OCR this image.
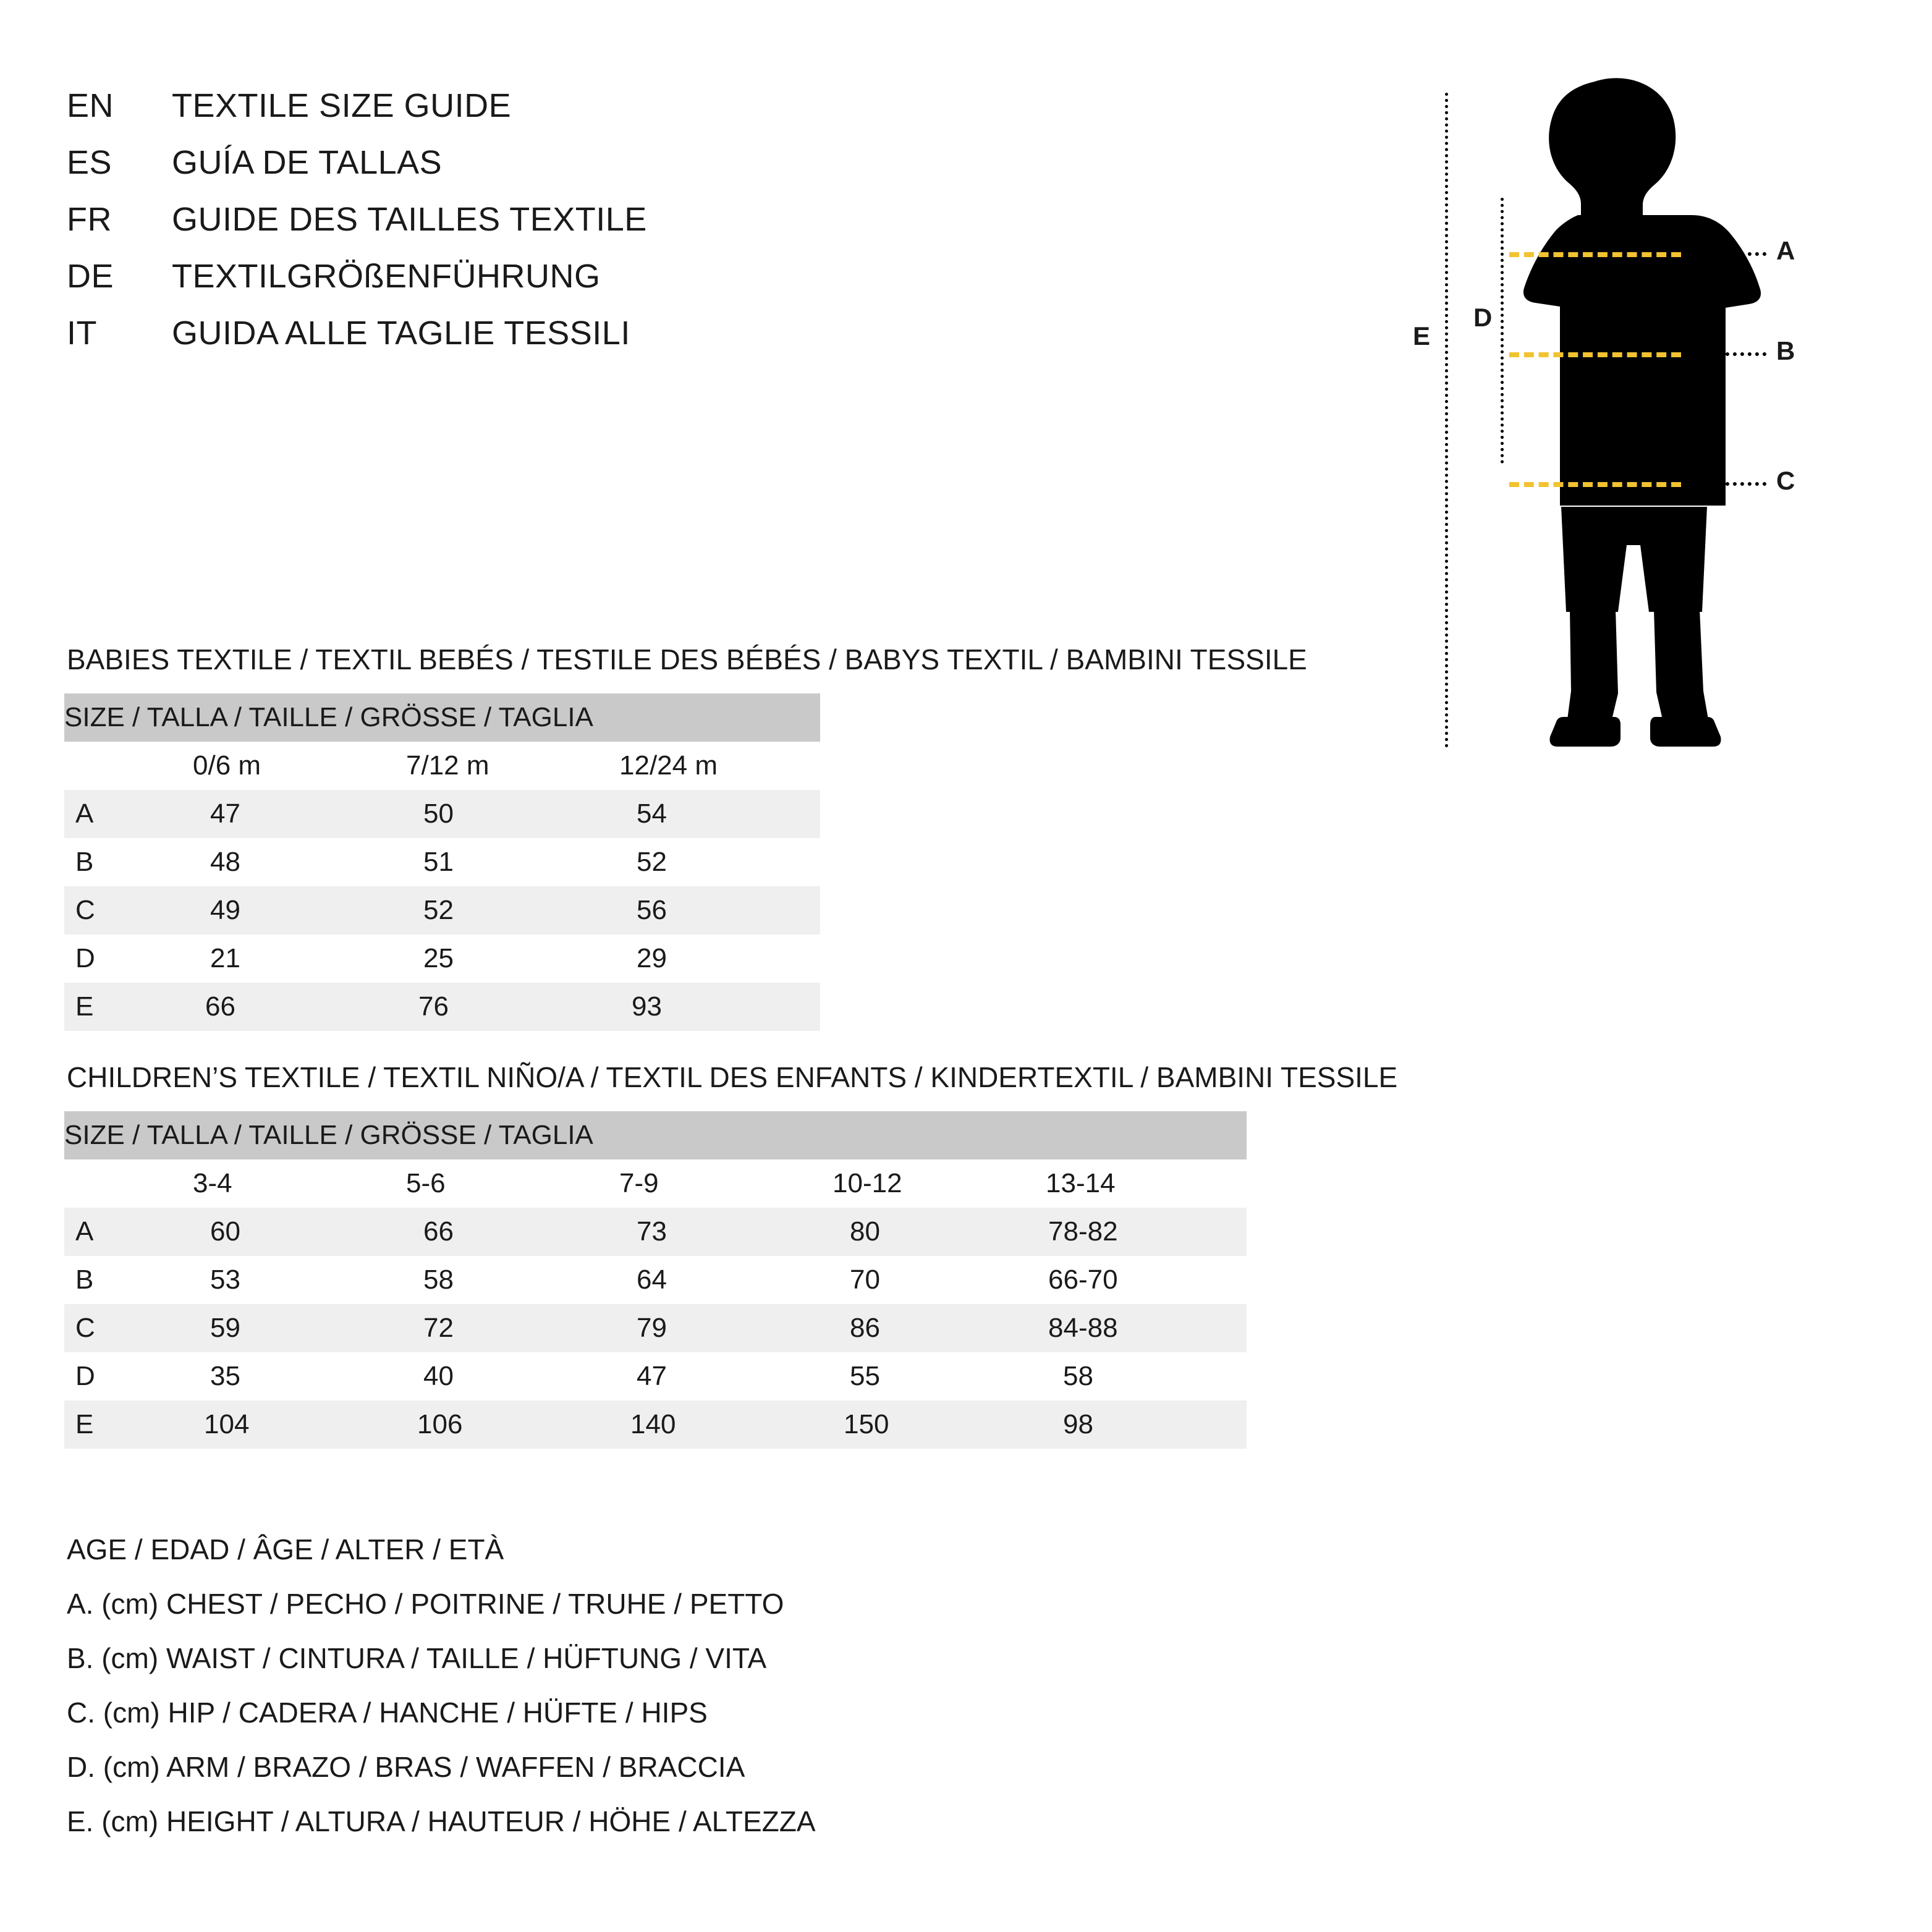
EN	TEXTILE SIZE GUIDE
ES	GUÍA DE TALLAS
FR	GUIDE DES TAILLES TEXTILE
DE	TEXTILGRÖßENFÜHRUNG
IT	GUIDA ALLE TAGLIE TESSILI
A
B
C
D
E
BABIES TEXTILE / TEXTIL BEBÉS / TESTILE DES BÉBÉS / BABYS TEXTIL / BAMBINI TESSILE
SIZE / TALLA / TAILLE / GRÖSSE / TAGLIA			

	0/6 m	7/12 m	12/24 m

A	47	50	54

B	48	51	52

C	49	52	56

D	21	25	29

E	66	76	93
CHILDREN’S TEXTILE / TEXTIL NIÑO/A / TEXTIL DES ENFANTS / KINDERTEXTIL / BAMBINI TESSILE
SIZE / TALLA / TAILLE / GRÖSSE / TAGLIA					

	3-4	5-6	7-9	10-12	13-14

A	60	66	73	80	78-82

B	53	58	64	70	66-70

C	59	72	79	86	84-88

D	35	40	47	55	58

E	104	106	140	150	98
AGE / EDAD / ÂGE / ALTER / ETÀ
A. (cm) CHEST / PECHO / POITRINE / TRUHE / PETTO
B. (cm) WAIST / CINTURA / TAILLE / HÜFTUNG / VITA
C. (cm) HIP / CADERA / HANCHE / HÜFTE / HIPS
D. (cm) ARM / BRAZO / BRAS / WAFFEN / BRACCIA
E. (cm) HEIGHT / ALTURA / HAUTEUR / HÖHE / ALTEZZA
